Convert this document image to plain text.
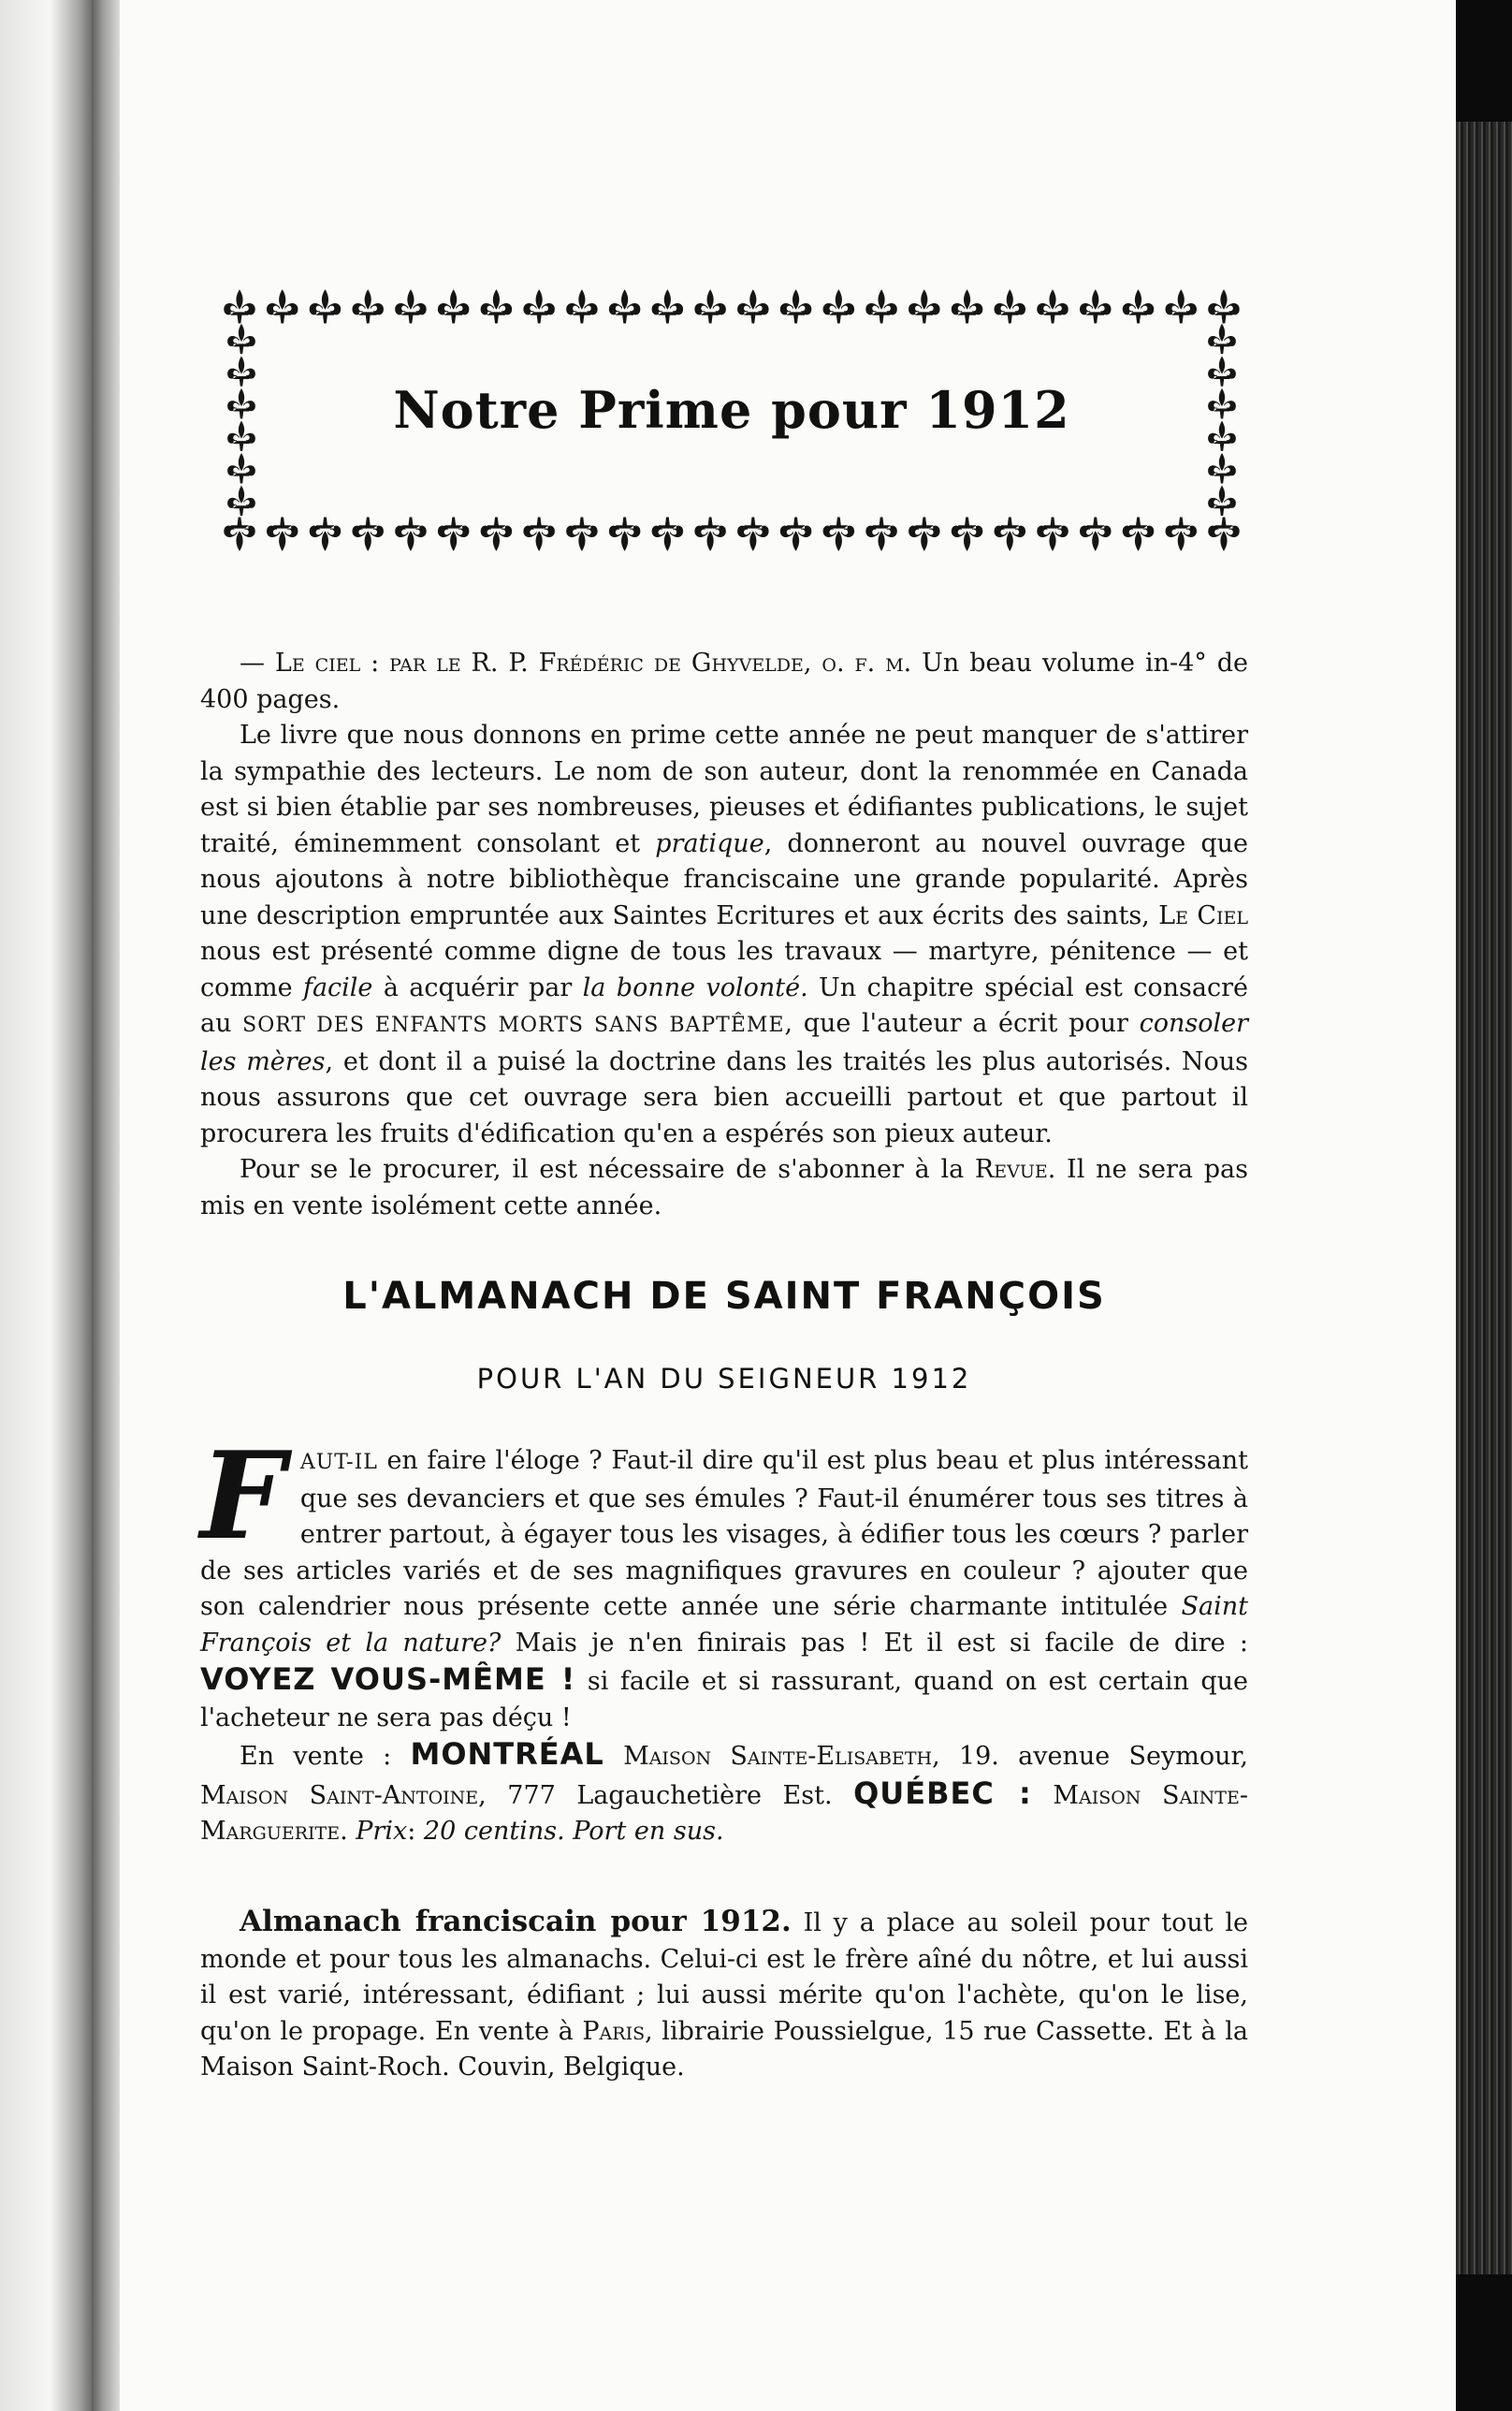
Notre Prime pour 1912

— Le ciel : par le R. P. Frédéric de Ghyvelde, o. f. m. Un beau volume in-4° de 400 pages.

Le livre que nous donnons en prime cette année ne peut manquer de s'attirer la sympathie des lecteurs. Le nom de son auteur, dont la renommée en Canada est si bien établie par ses nombreuses, pieuses et édifiantes publications, le sujet traité, éminemment consolant et pratique, donneront au nouvel ouvrage que nous ajoutons à notre bibliothèque franciscaine une grande popularité. Après une description empruntée aux Saintes Ecritures et aux écrits des saints, Le Ciel nous est présenté comme digne de tous les travaux — martyre, pénitence — et comme facile à acquérir par la bonne volonté. Un chapitre spécial est consacré au SORT DES ENFANTS MORTS SANS BAPTÊME, que l'auteur a écrit pour consoler les mères, et dont il a puisé la doctrine dans les traités les plus autorisés. Nous nous assurons que cet ouvrage sera bien accueilli partout et que partout il procurera les fruits d'édification qu'en a espérés son pieux auteur.

Pour se le procurer, il est nécessaire de s'abonner à la Revue. Il ne sera pas mis en vente isolément cette année.

L'ALMANACH DE SAINT FRANÇOIS
POUR L'AN DU SEIGNEUR 1912

F AUT-IL en faire l'éloge ? Faut-il dire qu'il est plus beau et plus intéressant que ses devanciers et que ses émules ? Faut-il énumérer tous ses titres à entrer partout, à égayer tous les visages, à édifier tous les cœurs ? parler de ses articles variés et de ses magnifiques gravures en couleur ? ajouter que son calendrier nous présente cette année une série charmante intitulée Saint François et la nature? Mais je n'en finirais pas ! Et il est si facile de dire : VOYEZ VOUS-MÊME ! si facile et si rassurant, quand on est certain que l'acheteur ne sera pas déçu !

En vente : MONTRÉAL Maison Sainte-Elisabeth, 19. avenue Seymour, Maison Saint-Antoine, 777 Lagauchetière Est. QUÉBEC : Maison Sainte-Marguerite. Prix: 20 centins. Port en sus.

Almanach franciscain pour 1912. Il y a place au soleil pour tout le monde et pour tous les almanachs. Celui-ci est le frère aîné du nôtre, et lui aussi il est varié, intéressant, édifiant ; lui aussi mérite qu'on l'achète, qu'on le lise, qu'on le propage. En vente à Paris, librairie Poussielgue, 15 rue Cassette. Et à la Maison Saint-Roch. Couvin, Belgique.
